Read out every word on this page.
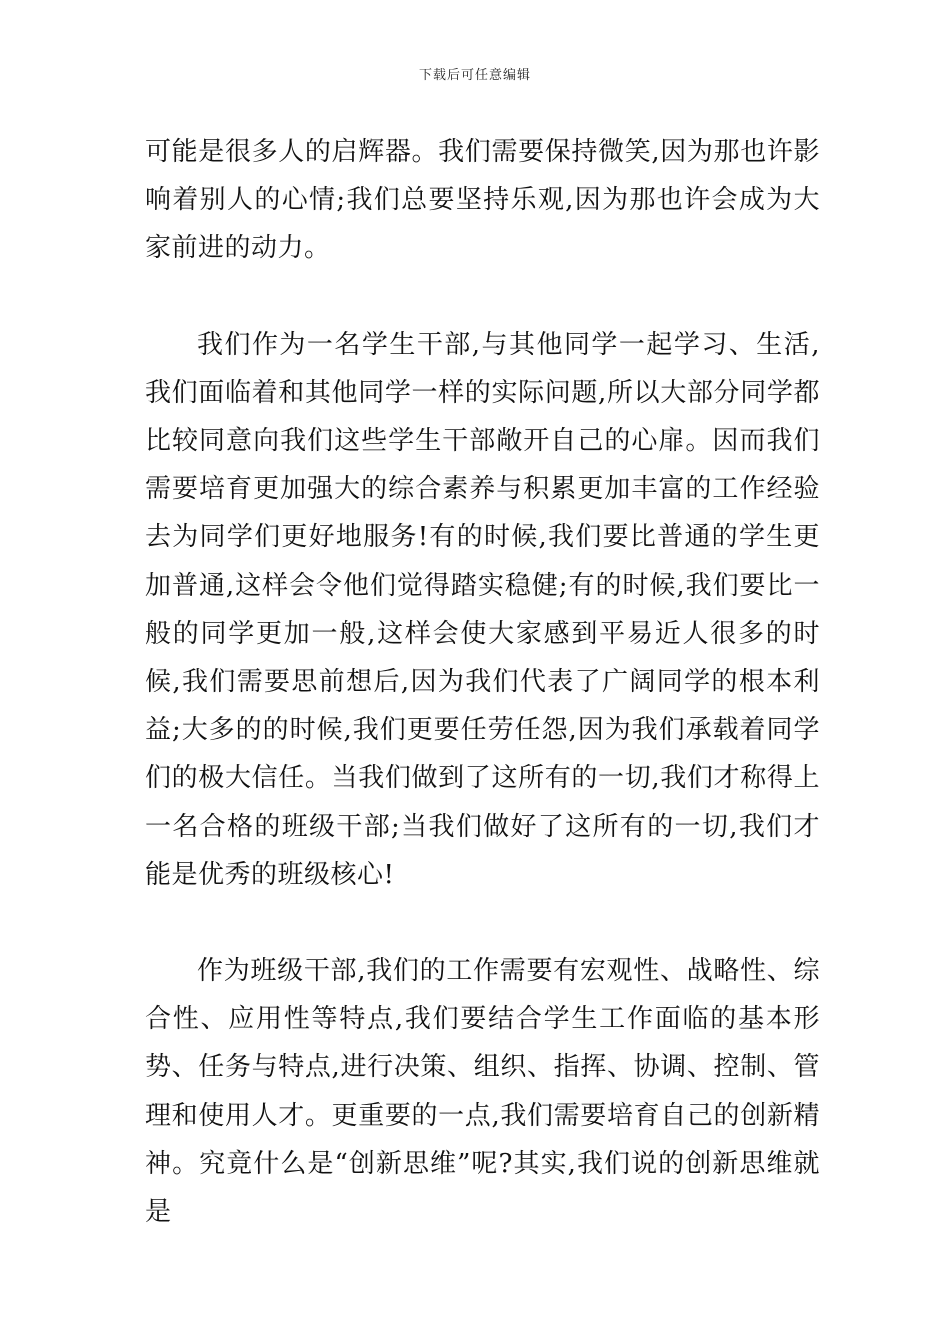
下载后可任意编辑

可能是很多人的启辉器。我们需要保持微笑,因为那也许影响着别人的心情;我们总要坚持乐观,因为那也许会成为大家前进的动力。

我们作为一名学生干部,与其他同学一起学习、生活,我们面临着和其他同学一样的实际问题,所以大部分同学都比较同意向我们这些学生干部敞开自己的心扉。因而我们需要培育更加强大的综合素养与积累更加丰富的工作经验去为同学们更好地服务!有的时候,我们要比普通的学生更加普通,这样会令他们觉得踏实稳健;有的时候,我们要比一般的同学更加一般,这样会使大家感到平易近人很多的时候,我们需要思前想后,因为我们代表了广阔同学的根本利益;大多的的时候,我们更要任劳任怨,因为我们承载着同学们的极大信任。当我们做到了这所有的一切,我们才称得上一名合格的班级干部;当我们做好了这所有的一切,我们才能是优秀的班级核心!

作为班级干部,我们的工作需要有宏观性、战略性、综合性、应用性等特点,我们要结合学生工作面临的基本形势、任务与特点,进行决策、组织、指挥、协调、控制、管理和使用人才。更重要的一点,我们需要培育自己的创新精神。究竟什么是“创新思维”呢?其实,我们说的创新思维就是
